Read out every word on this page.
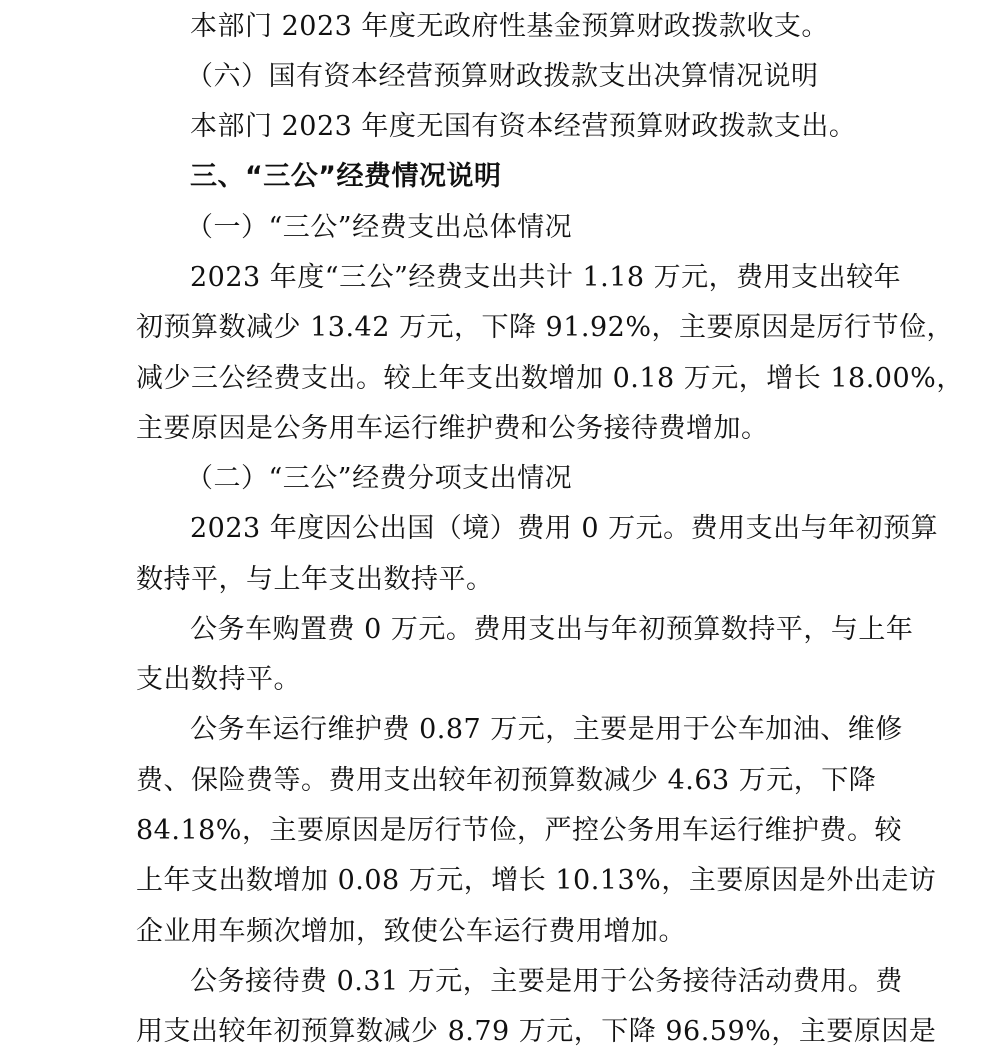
本部门 2023 年度无政府性基金预算财政拨款收支。
（六）国有资本经营预算财政拨款支出决算情况说明
本部门 2023 年度无国有资本经营预算财政拨款支出。
三、“三公”经费情况说明
（一）“三公”经费支出总体情况
2023 年度“三公”经费支出共计 1.18 万元，费用支出较年
初预算数减少 13.42 万元，下降 91.92%，主要原因是厉行节俭，
减少三公经费支出。较上年支出数增加 0.18 万元，增长 18.00%，
主要原因是公务用车运行维护费和公务接待费增加。
（二）“三公”经费分项支出情况
2023 年度因公出国（境）费用 0 万元。费用支出与年初预算
数持平，与上年支出数持平。
公务车购置费 0 万元。费用支出与年初预算数持平，与上年
支出数持平。
公务车运行维护费 0.87 万元，主要是用于公车加油、维修
费、保险费等。费用支出较年初预算数减少 4.63 万元，下降
84.18%，主要原因是厉行节俭，严控公务用车运行维护费。较
上年支出数增加 0.08 万元，增长 10.13%，主要原因是外出走访
企业用车频次增加，致使公车运行费用增加。
公务接待费 0.31 万元，主要是用于公务接待活动费用。费
用支出较年初预算数减少 8.79 万元，下降 96.59%，主要原因是
